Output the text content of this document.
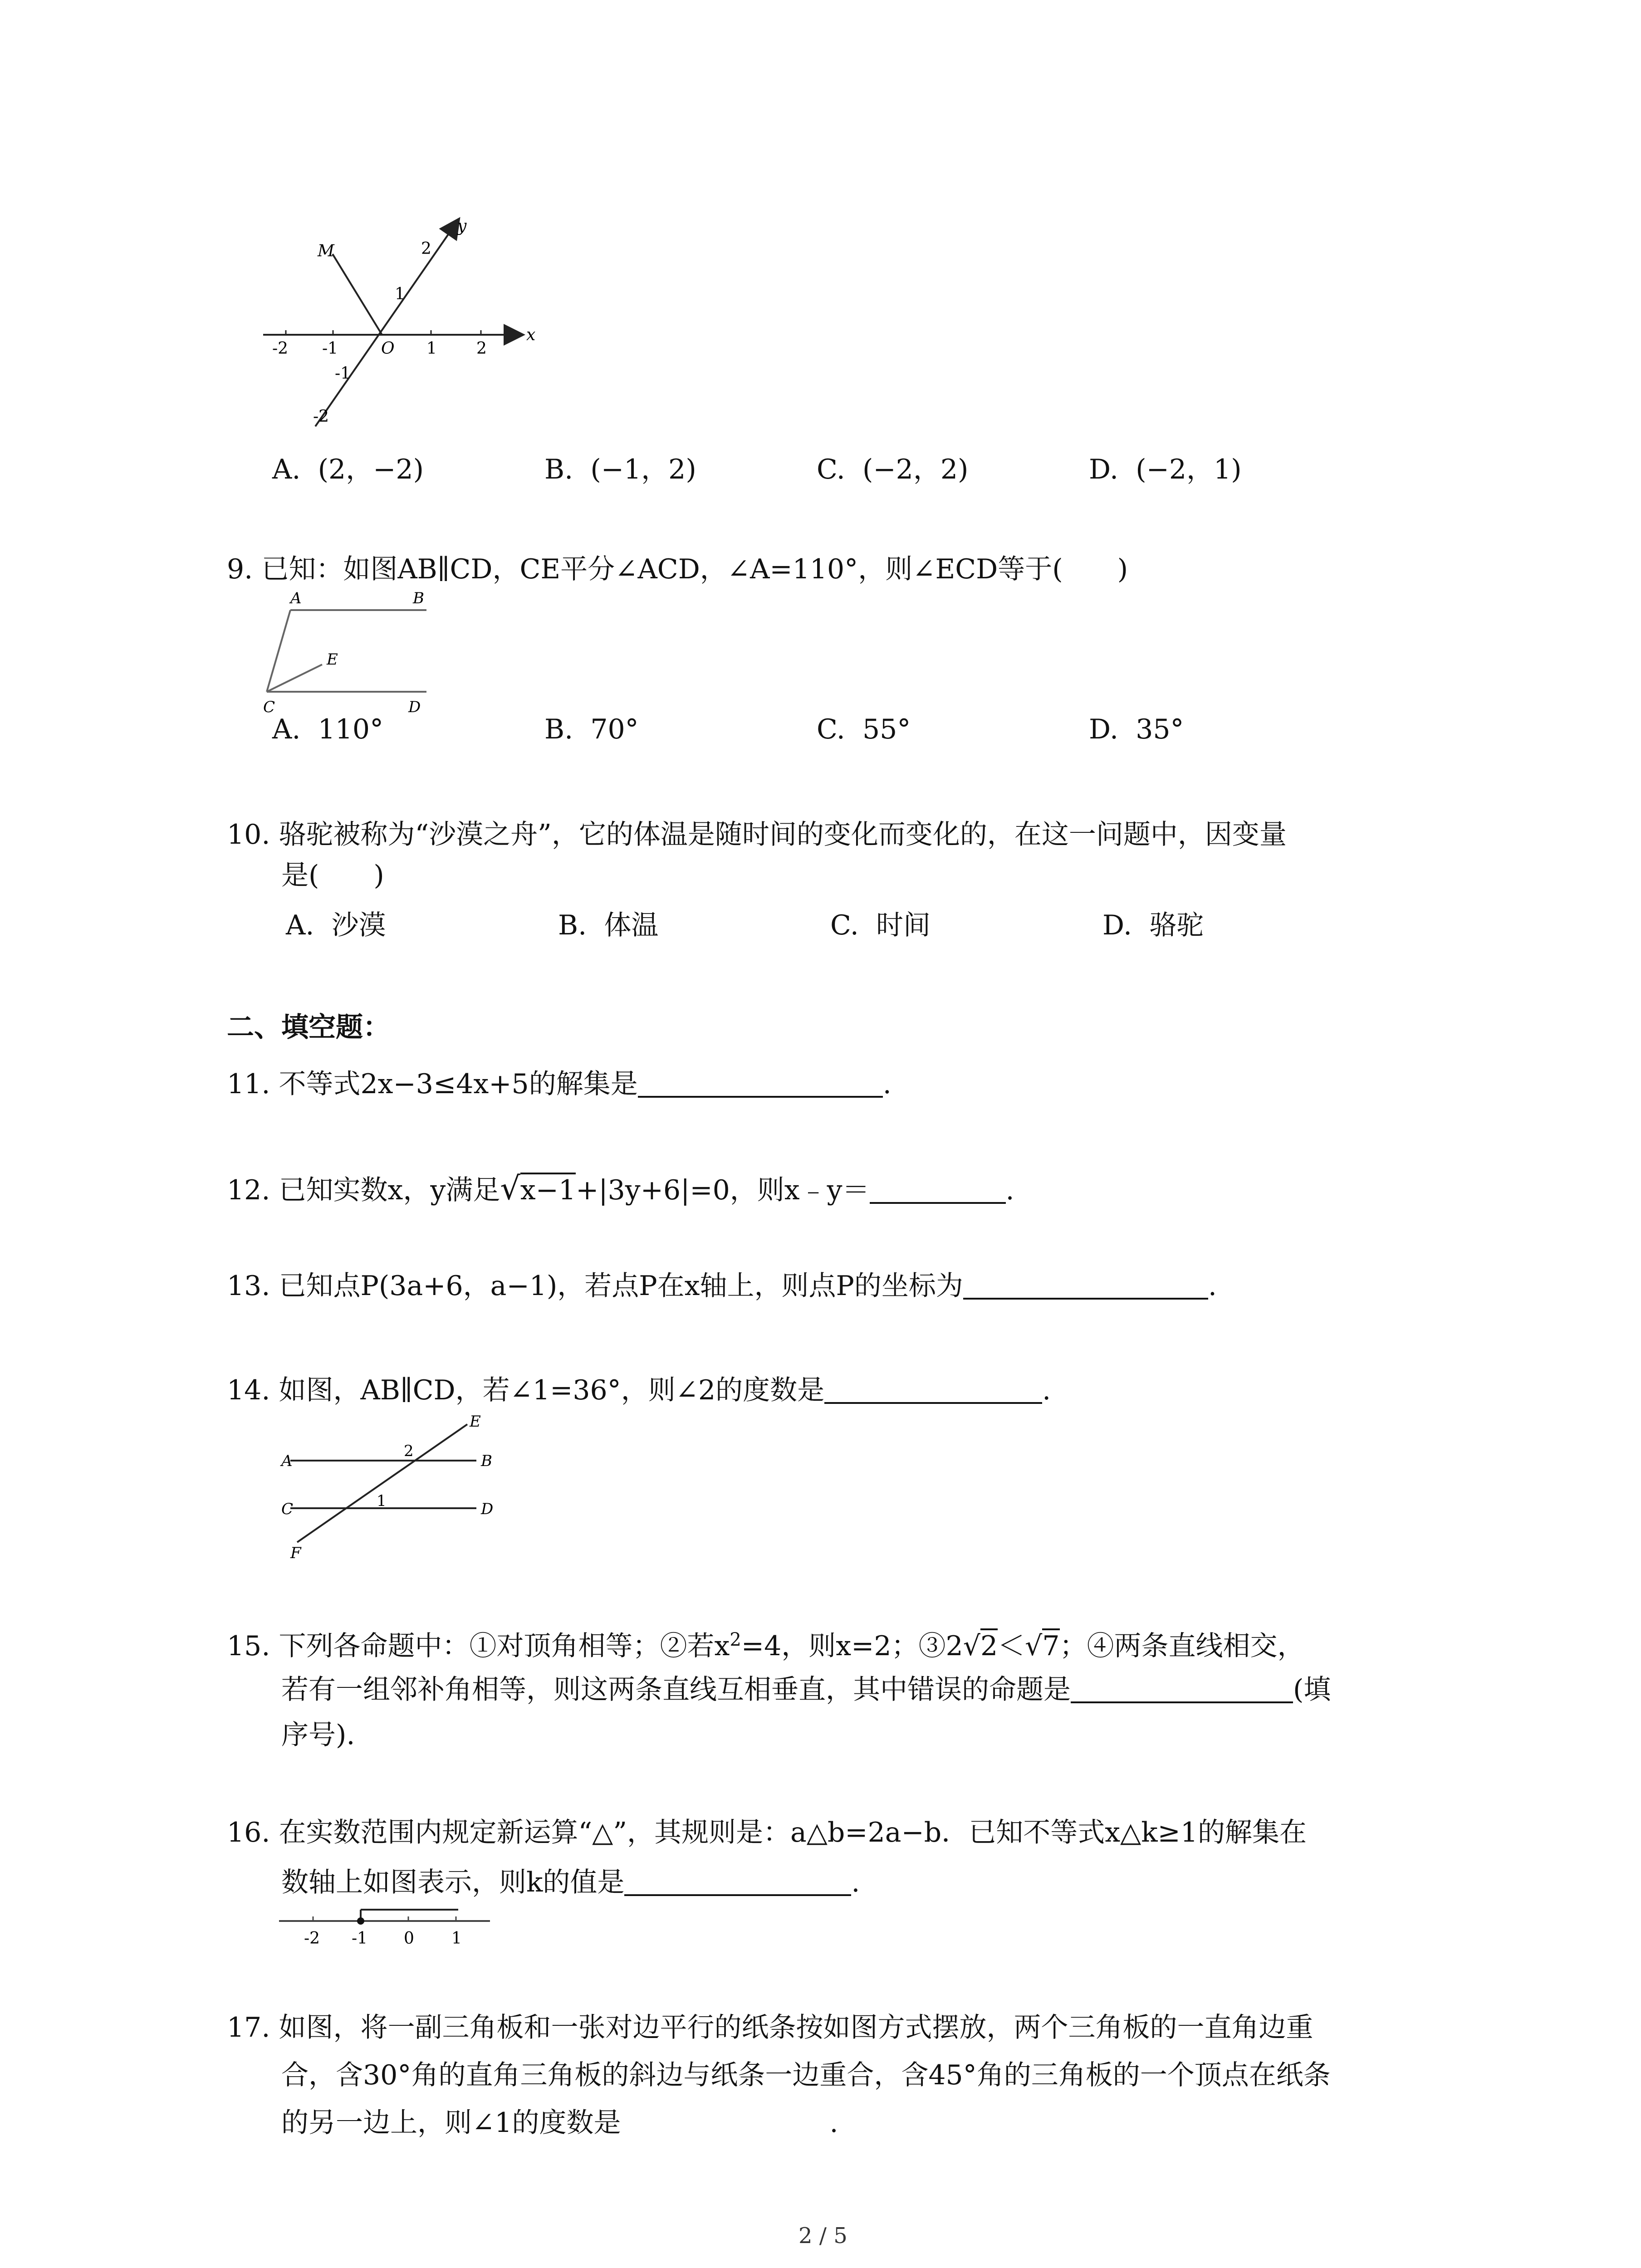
-2 -1	1 2
x
y
O
M	2
1
-1
-2
A. (2，−2)	B. (−1，2)	C. (−2，2)	D. (−2，1)
9. 已知：如图AB∥CD，CE平分∠ACD，∠A=110°，则∠ECD等于(　　)
A	B
C	D
E
A. 110°	B. 70°	C. 55°	D. 35°
10. 骆驼被称为“沙漠之舟”，它的体温是随时间的变化而变化的，在这一问题中，因变量
是(　　)
A. 沙漠	B. 体温	C. 时间	D. 骆驼
二、填空题：
11. 不等式2x−3≤4x+5的解集是	.
12. 已知实数x，y满足√x−1+|3y+6|=0，则x﹣y＝	.
13. 已知点P(3a+6，a−1)，若点P在x轴上，则点P的坐标为	.
14. 如图，AB∥CD，若∠1=36°，则∠2的度数是	.
A	B
C	D
E
F
1
2
15. 下列各命题中：①对顶角相等；②若$x^2=4$，则x=2；③2√2＜√7；④两条直线相交，
若有一组邻补角相等，则这两条直线互相垂直，其中错误的命题是	(填
序号).
16. 在实数范围内规定新运算“△”，其规则是：a△b=2a−b．已知不等式x△k≥1的解集在
数轴上如图表示，则k的值是	.
-2 -1 0 1
17. 如图，将一副三角板和一张对边平行的纸条按如图方式摆放，两个三角板的一直角边重
合，含30°角的直角三角板的斜边与纸条一边重合，含45°角的三角板的一个顶点在纸条
的另一边上，则∠1的度数是	.
2 / 5
